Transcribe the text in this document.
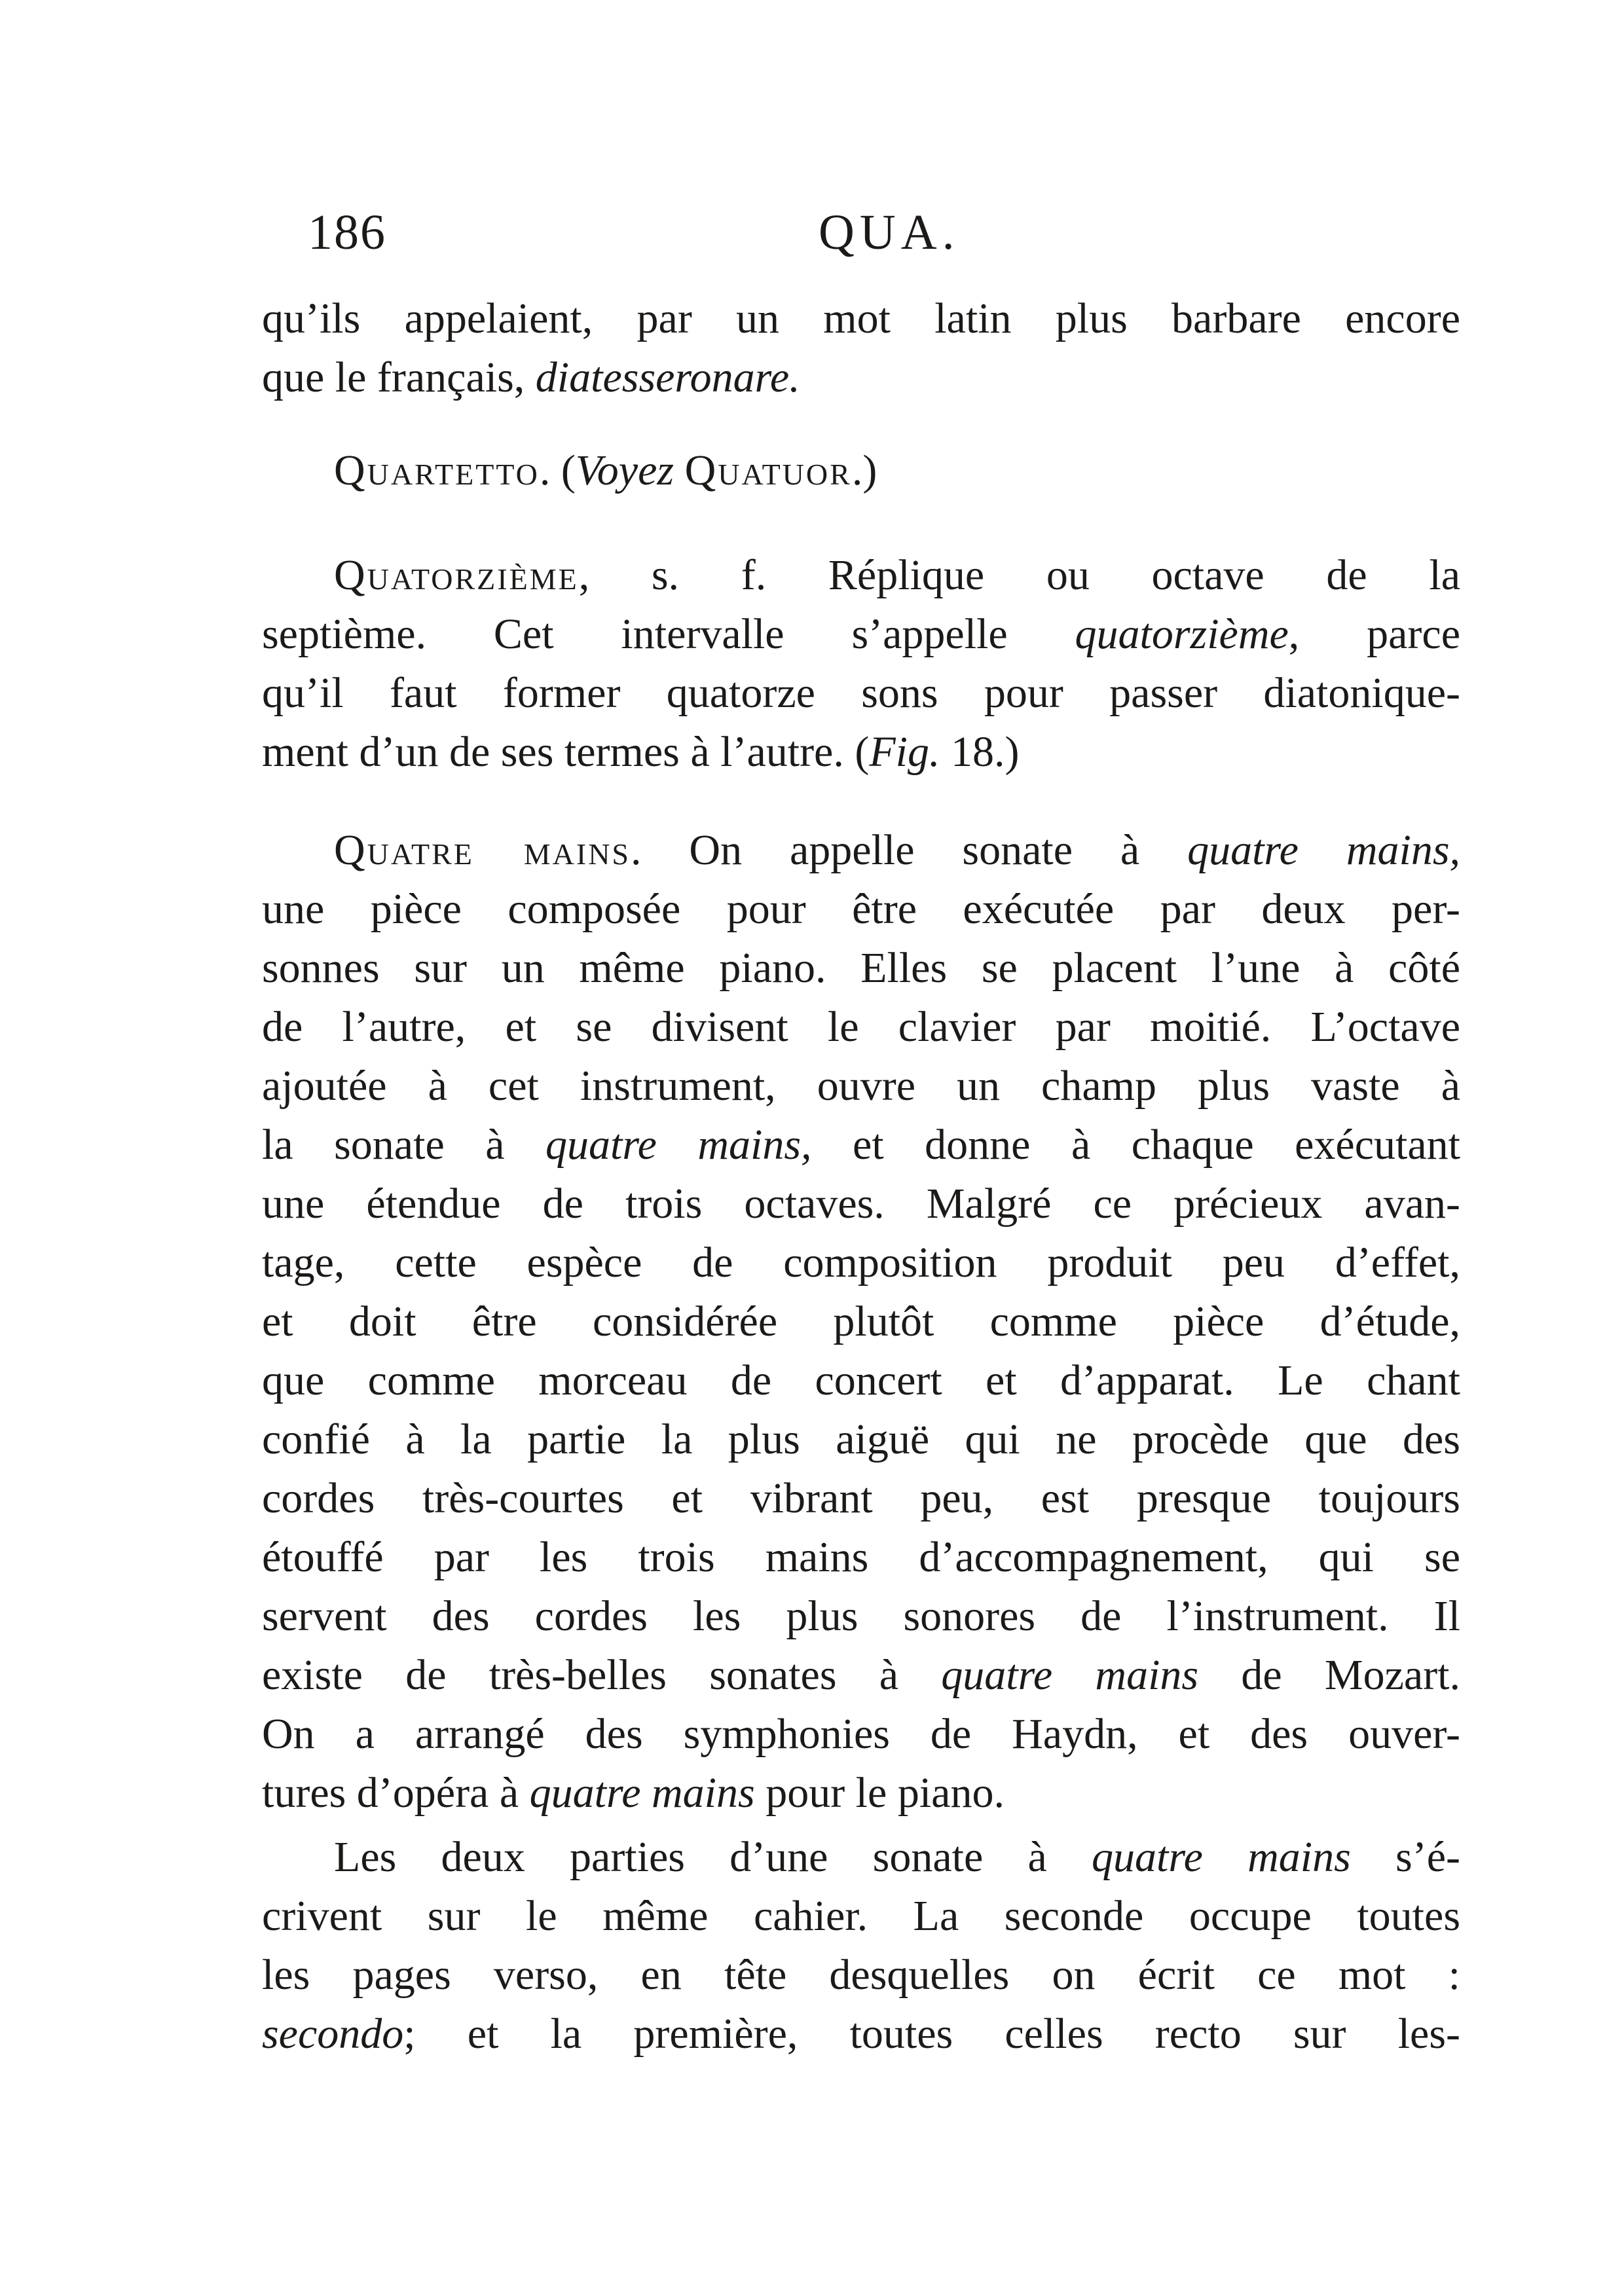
186	QUA.
qu’ils appelaient, par un mot latin plus barbare encore
que le français, diatesseronare.
Quartetto. (Voyez Quatuor.)
Quatorzième, s. f. Réplique ou octave de la
septième. Cet intervalle s’appelle quatorzième, parce
qu’il faut former quatorze sons pour passer diatonique-
ment d’un de ses termes à l’autre. (Fig. 18.)
Quatre mains. On appelle sonate à quatre mains,
une pièce composée pour être exécutée par deux per-
sonnes sur un même piano. Elles se placent l’une à côté
de l’autre, et se divisent le clavier par moitié. L’octave
ajoutée à cet instrument, ouvre un champ plus vaste à
la sonate à quatre mains, et donne à chaque exécutant
une étendue de trois octaves. Malgré ce précieux avan-
tage, cette espèce de composition produit peu d’effet,
et doit être considérée plutôt comme pièce d’étude,
que comme morceau de concert et d’apparat. Le chant
confié à la partie la plus aiguë qui ne procède que des
cordes très-courtes et vibrant peu, est presque toujours
étouffé par les trois mains d’accompagnement, qui se
servent des cordes les plus sonores de l’instrument. Il
existe de très-belles sonates à quatre mains de Mozart.
On a arrangé des symphonies de Haydn, et des ouver-
tures d’opéra à quatre mains pour le piano.
Les deux parties d’une sonate à quatre mains s’é-
crivent sur le même cahier. La seconde occupe toutes
les pages verso, en tête desquelles on écrit ce mot :
secondo; et la première, toutes celles recto sur les-
